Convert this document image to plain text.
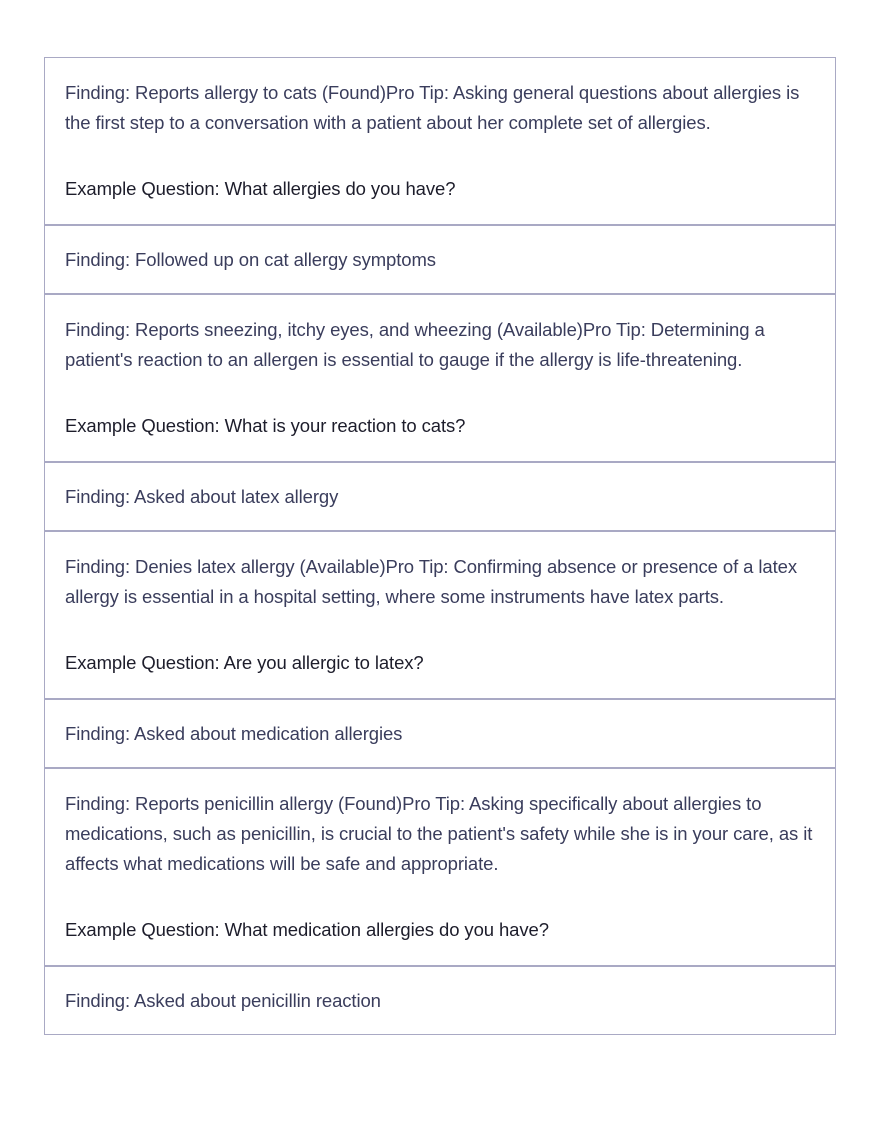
Finding: Reports allergy to cats (Found)Pro Tip: Asking general questions about allergies is the first step to a conversation with a patient about her complete set of allergies.
Example Question: What allergies do you have?
Finding: Followed up on cat allergy symptoms
Finding: Reports sneezing, itchy eyes, and wheezing (Available)Pro Tip: Determining a patient's reaction to an allergen is essential to gauge if the allergy is life-threatening.
Example Question: What is your reaction to cats?
Finding: Asked about latex allergy
Finding: Denies latex allergy (Available)Pro Tip: Confirming absence or presence of a latex allergy is essential in a hospital setting, where some instruments have latex parts.
Example Question: Are you allergic to latex?
Finding: Asked about medication allergies
Finding: Reports penicillin allergy (Found)Pro Tip: Asking specifically about allergies to medications, such as penicillin, is crucial to the patient's safety while she is in your care, as it affects what medications will be safe and appropriate.
Example Question: What medication allergies do you have?
Finding: Asked about penicillin reaction
